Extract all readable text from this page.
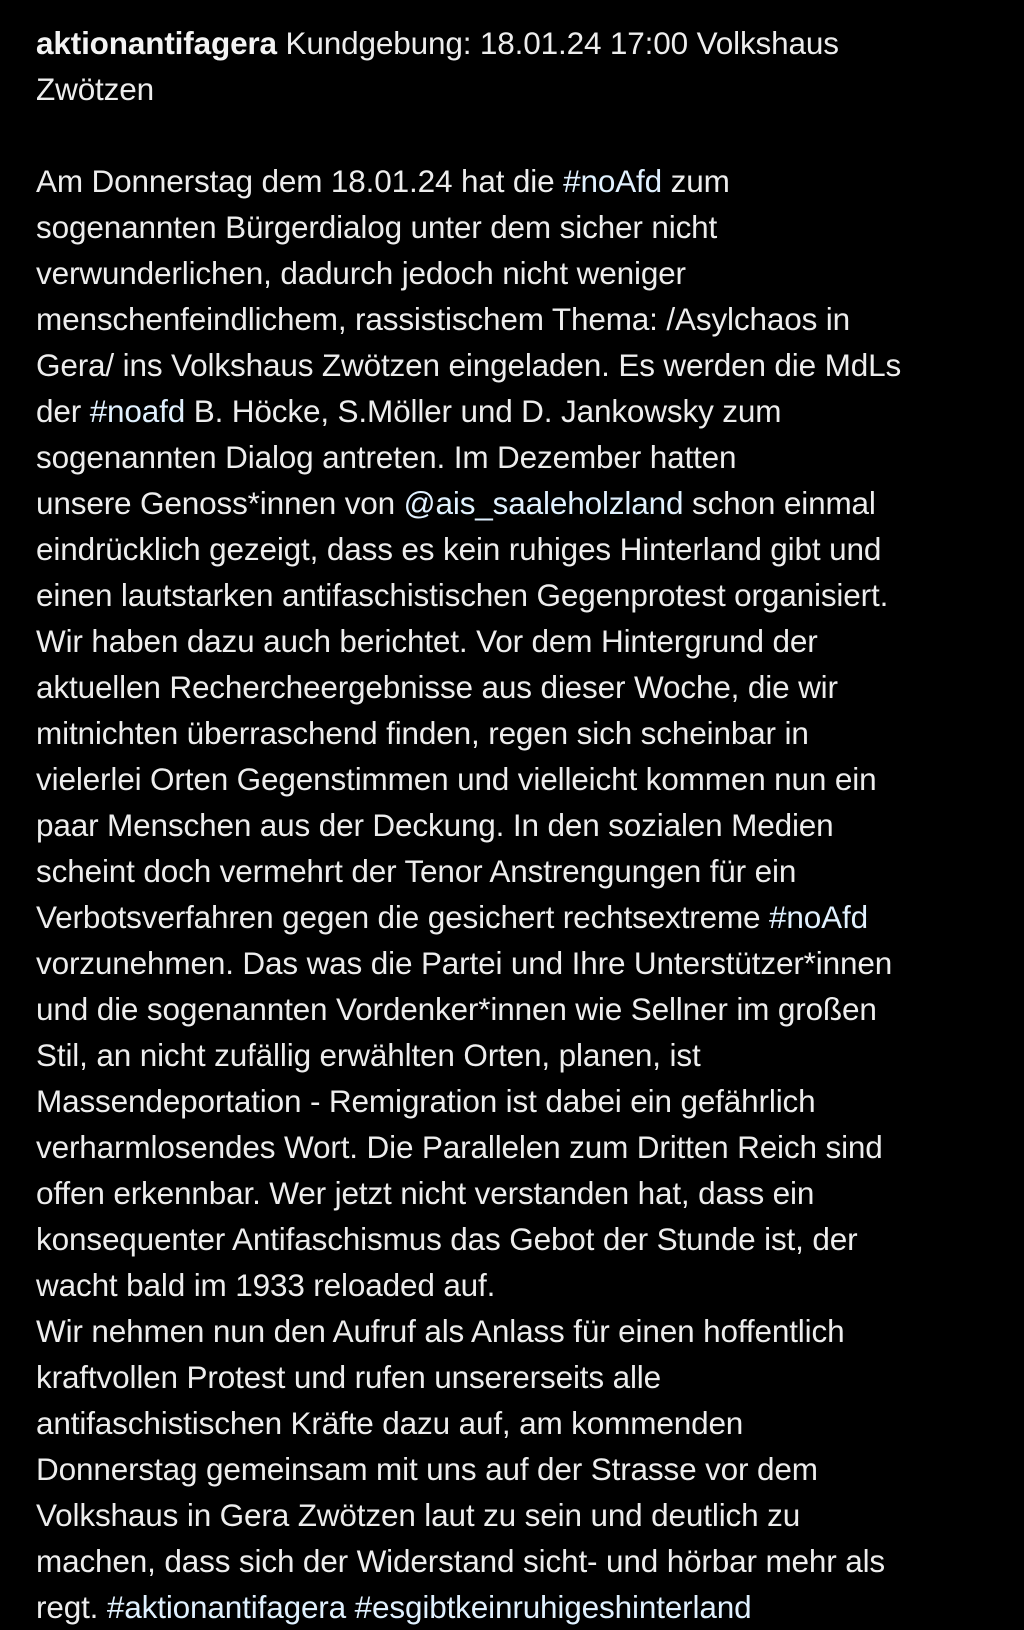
aktionantifagera Kundgebung: 18.01.24 17:00 Volkshaus
Zwötzen
Am Donnerstag dem 18.01.24 hat die #noAfd zum
sogenannten Bürgerdialog unter dem sicher nicht
verwunderlichen, dadurch jedoch nicht weniger
menschenfeindlichem, rassistischem Thema: /Asylchaos in
Gera/ ins Volkshaus Zwötzen eingeladen. Es werden die MdLs
der #noafd B. Höcke, S.Möller und D. Jankowsky zum
sogenannten Dialog antreten. Im Dezember hatten
unsere Genoss*innen von @ais_saaleholzland schon einmal
eindrücklich gezeigt, dass es kein ruhiges Hinterland gibt und
einen lautstarken antifaschistischen Gegenprotest organisiert.
Wir haben dazu auch berichtet. Vor dem Hintergrund der
aktuellen Rechercheergebnisse aus dieser Woche, die wir
mitnichten überraschend finden, regen sich scheinbar in
vielerlei Orten Gegenstimmen und vielleicht kommen nun ein
paar Menschen aus der Deckung. In den sozialen Medien
scheint doch vermehrt der Tenor Anstrengungen für ein
Verbotsverfahren gegen die gesichert rechtsextreme #noAfd
vorzunehmen. Das was die Partei und Ihre Unterstützer*innen
und die sogenannten Vordenker*innen wie Sellner im großen
Stil, an nicht zufällig erwählten Orten, planen, ist
Massendeportation - Remigration ist dabei ein gefährlich
verharmlosendes Wort. Die Parallelen zum Dritten Reich sind
offen erkennbar. Wer jetzt nicht verstanden hat, dass ein
konsequenter Antifaschismus das Gebot der Stunde ist, der
wacht bald im 1933 reloaded auf.
Wir nehmen nun den Aufruf als Anlass für einen hoffentlich
kraftvollen Protest und rufen unsererseits alle
antifaschistischen Kräfte dazu auf, am kommenden
Donnerstag gemeinsam mit uns auf der Strasse vor dem
Volkshaus in Gera Zwötzen laut zu sein und deutlich zu
machen, dass sich der Widerstand sicht- und hörbar mehr als
regt. #aktionantifagera #esgibtkeinruhigeshinterland
